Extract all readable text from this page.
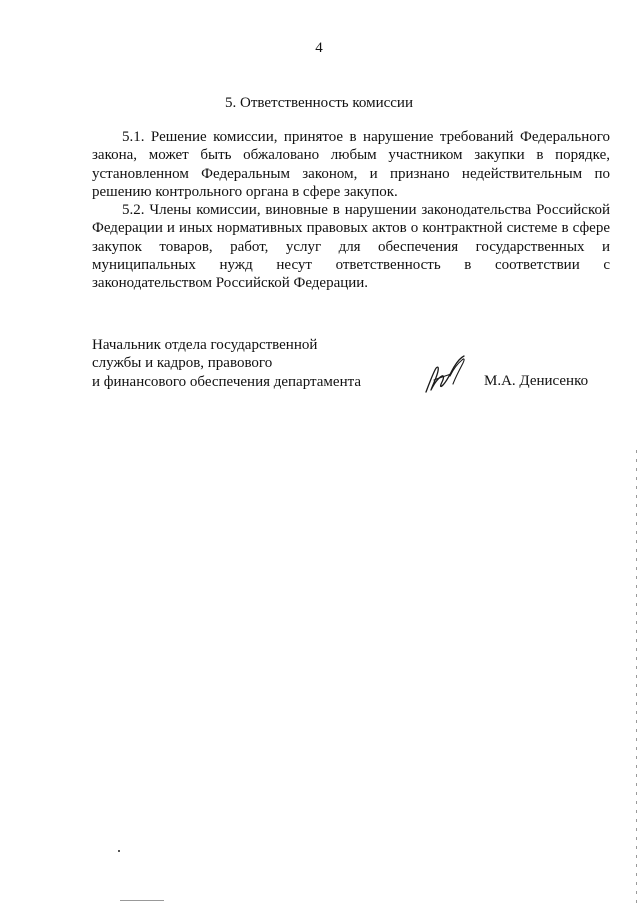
4
5. Ответственность комиссии

5.1. Решение комиссии, принятое в нарушение требований Федерального закона, может быть обжаловано любым участником закупки в порядке, установленном Федеральным законом, и признано недействительным по решению контрольного органа в сфере закупок.

5.2. Члены комиссии, виновные в нарушении законодательства Российской Федерации и иных нормативных правовых актов о контрактной системе в сфере закупок товаров, работ, услуг для обеспечения государственных и муниципальных нужд несут ответственность в соответствии с законодательством Российской Федерации.

Начальник отдела государственной
службы и кадров, правового
и финансового обеспечения департамента	М.А. Денисенко
